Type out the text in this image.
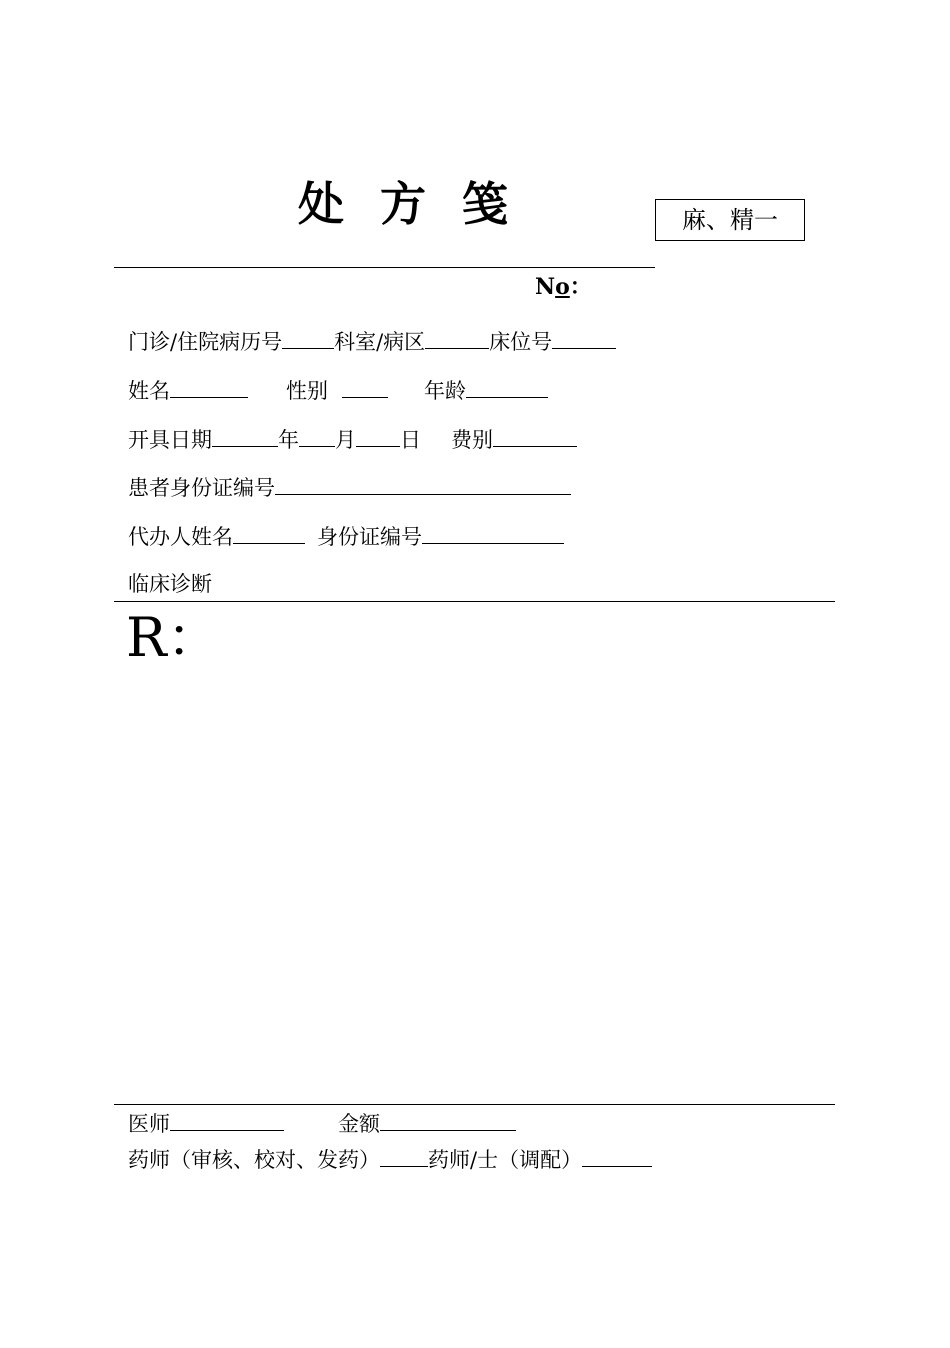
处 方 笺	麻、精一
No：
门诊/住院病历号 科室/病区	床位号
姓名	性别	年龄
开具日期	年 月 日 费别
患者身份证编号
代办人姓名	身份证编号
临床诊断
R：
医师	金额
药师（审核、校对、发药） 药师/士（调配）
